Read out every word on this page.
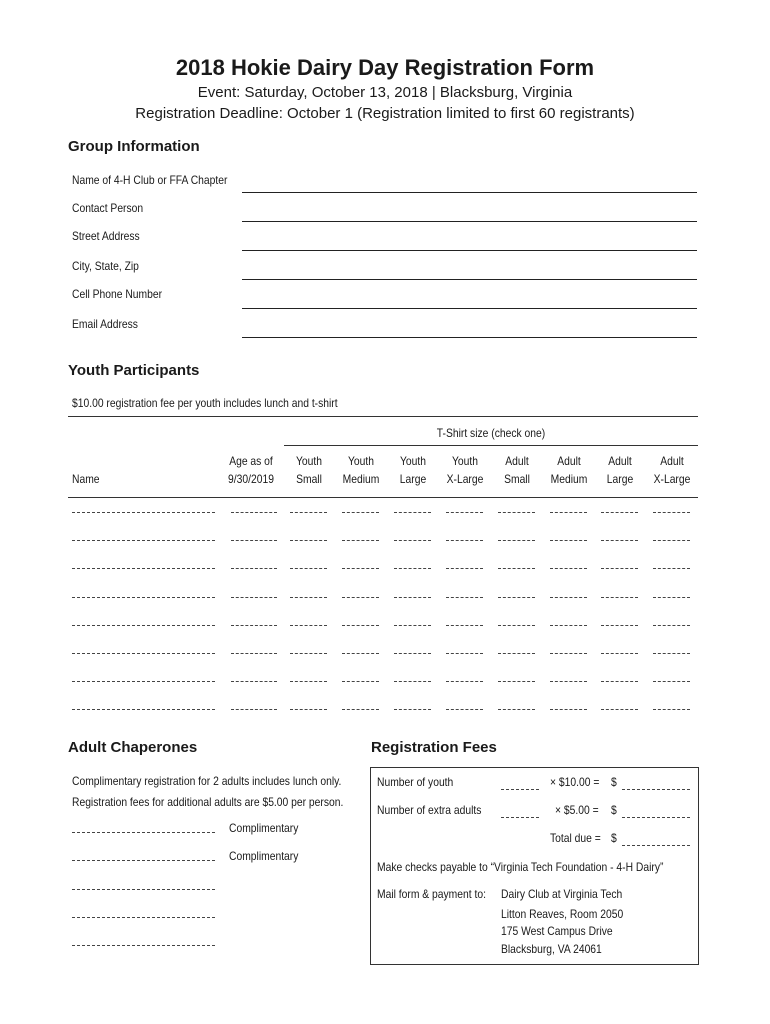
2018 Hokie Dairy Day Registration Form
Event: Saturday, October 13, 2018 | Blacksburg, Virginia
Registration Deadline: October 1 (Registration limited to first 60 registrants)
Group Information
Name of 4-H Club or FFA Chapter
Contact Person
Street Address
City, State, Zip
Cell Phone Number
Email Address
Youth Participants
$10.00 registration fee per youth includes lunch and t-shirt
T-Shirt size (check one)
Name
Age as of
9/30/2019
Youth
Small
Youth
Medium
Youth
Large
Youth
X-Large
Adult
Small
Adult
Medium
Adult
Large
Adult
X-Large
Adult Chaperones
Complimentary registration for 2 adults includes lunch only.
Registration fees for additional adults are $5.00 per person.
Complimentary
Complimentary
Registration Fees
Number of youth	× $10.00 = $
Number of extra adults	× $5.00 = $
Total due = $
Make checks payable to “Virginia Tech Foundation - 4-H Dairy”
Mail form & payment to: Dairy Club at Virginia Tech
Litton Reaves, Room 2050
175 West Campus Drive
Blacksburg, VA 24061
